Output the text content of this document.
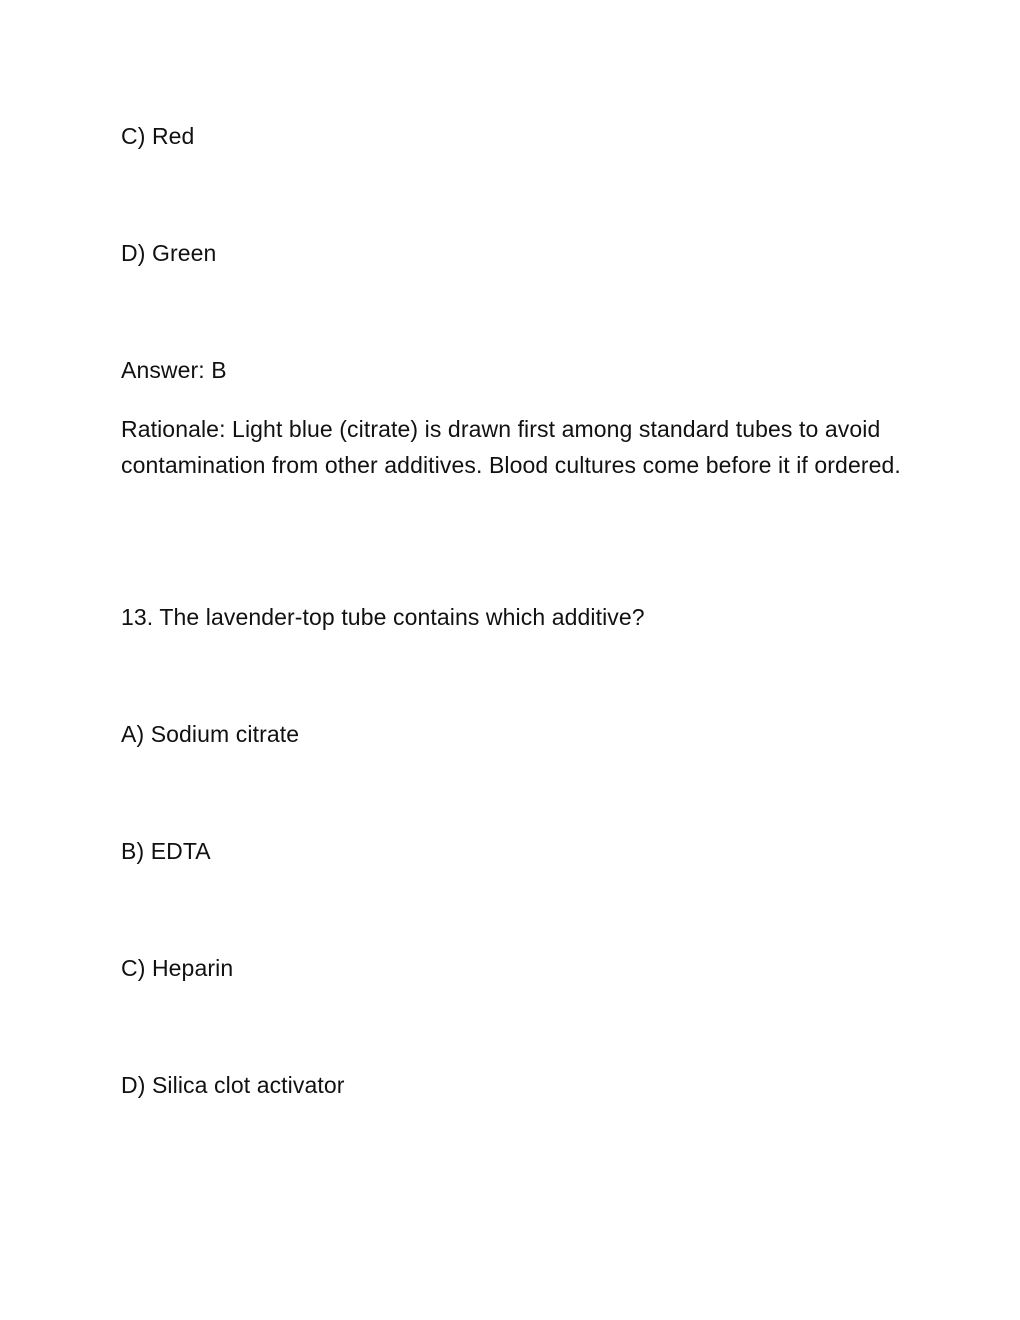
C) Red
D) Green
Answer: B
Rationale: Light blue (citrate) is drawn first among standard tubes to avoid contamination from other additives. Blood cultures come before it if ordered.
13. The lavender-top tube contains which additive?
A) Sodium citrate
B) EDTA
C) Heparin
D) Silica clot activator
